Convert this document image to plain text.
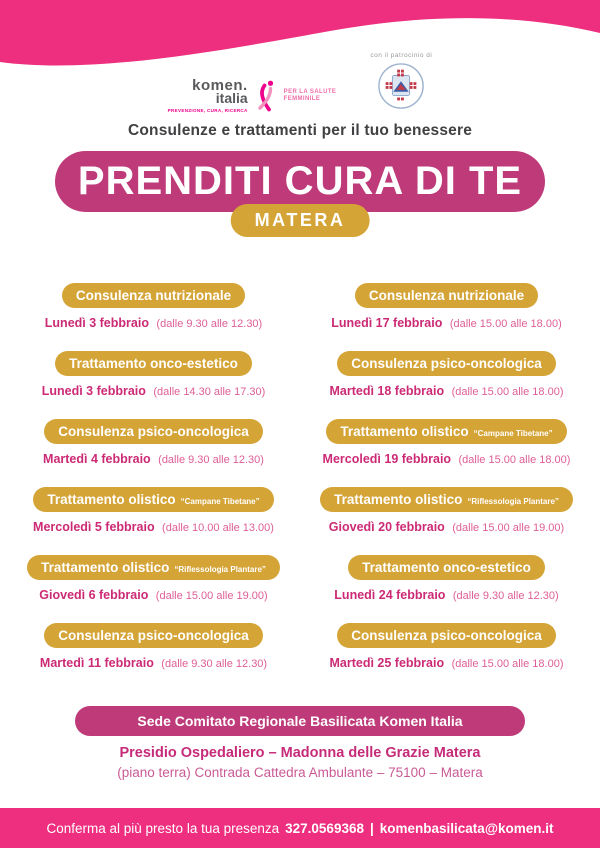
komen.
italia
PREVENZIONE, CURA, RICERCA
PER LA SALUTE
FEMMINILE
con il patrocinio di
Consulenze e trattamenti per il tuo benessere
PRENDITI CURA DI TE
MATERA
Consulenza nutrizionale
Lunedì 3 febbraio (dalle 9.30 alle 12.30)
Consulenza nutrizionale
Lunedì 17 febbraio (dalle 15.00 alle 18.00)
Trattamento onco-estetico
Lunedì 3 febbraio (dalle 14.30 alle 17.30)
Consulenza psico-oncologica
Martedì 18 febbraio (dalle 15.00 alle 18.00)
Consulenza psico-oncologica
Martedì 4 febbraio (dalle 9.30 alle 12.30)
Trattamento olistico “Campane Tibetane”
Mercoledì 19 febbraio (dalle 15.00 alle 18.00)
Trattamento olistico “Campane Tibetane”
Mercoledì 5 febbraio (dalle 10.00 alle 13.00)
Trattamento olistico “Riflessologia Plantare”
Giovedì 20 febbraio (dalle 15.00 alle 19.00)
Trattamento olistico “Riflessologia Plantare”
Giovedì 6 febbraio (dalle 15.00 alle 19.00)
Trattamento onco-estetico
Lunedì 24 febbraio (dalle 9.30 alle 12.30)
Consulenza psico-oncologica
Martedì 11 febbraio (dalle 9.30 alle 12.30)
Consulenza psico-oncologica
Martedì 25 febbraio (dalle 15.00 alle 18.00)
Sede Comitato Regionale Basilicata Komen Italia
Presidio Ospedaliero – Madonna delle Grazie Matera
(piano terra) Contrada Cattedra Ambulante – 75100 – Matera
Conferma al più presto la tua presenza 327.0569368 | komenbasilicata@komen.it
